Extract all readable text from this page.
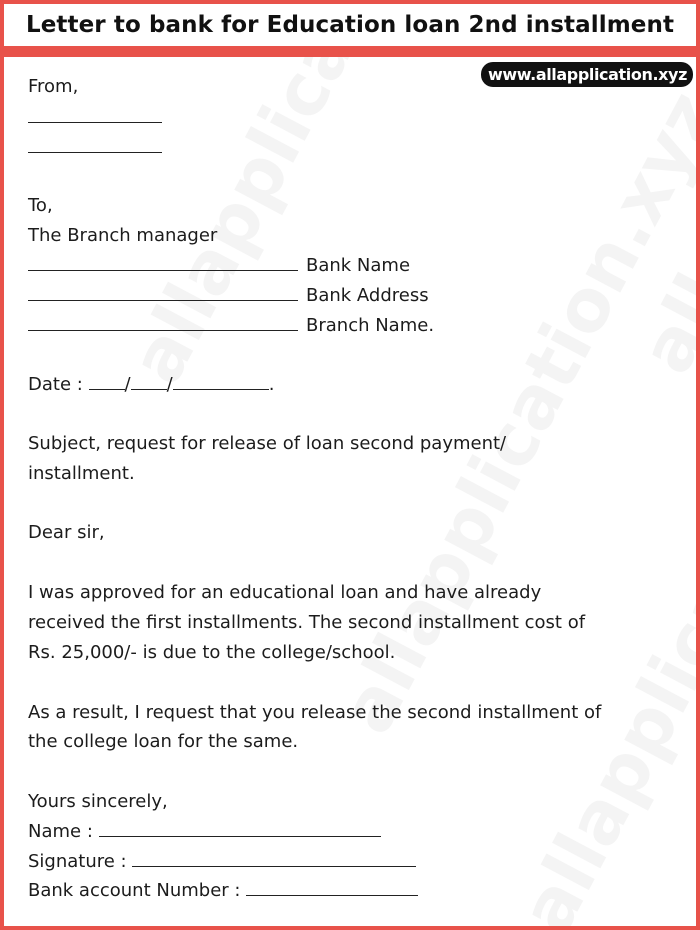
Letter to bank for Education loan 2nd installment
www.allapplication.xyz
From,
To,
The Branch manager
Bank Name
Bank Address
Branch Name.
Date : / /	.
Subject, request for release of loan second payment/
installment.
Dear sir,
I was approved for an educational loan and have already
received the first installments. The second installment cost of
Rs. 25,000/- is due to the college/school.
As a result, I request that you release the second installment of
the college loan for the same.
Yours sincerely,
Name :
Signature :
Bank account Number :
